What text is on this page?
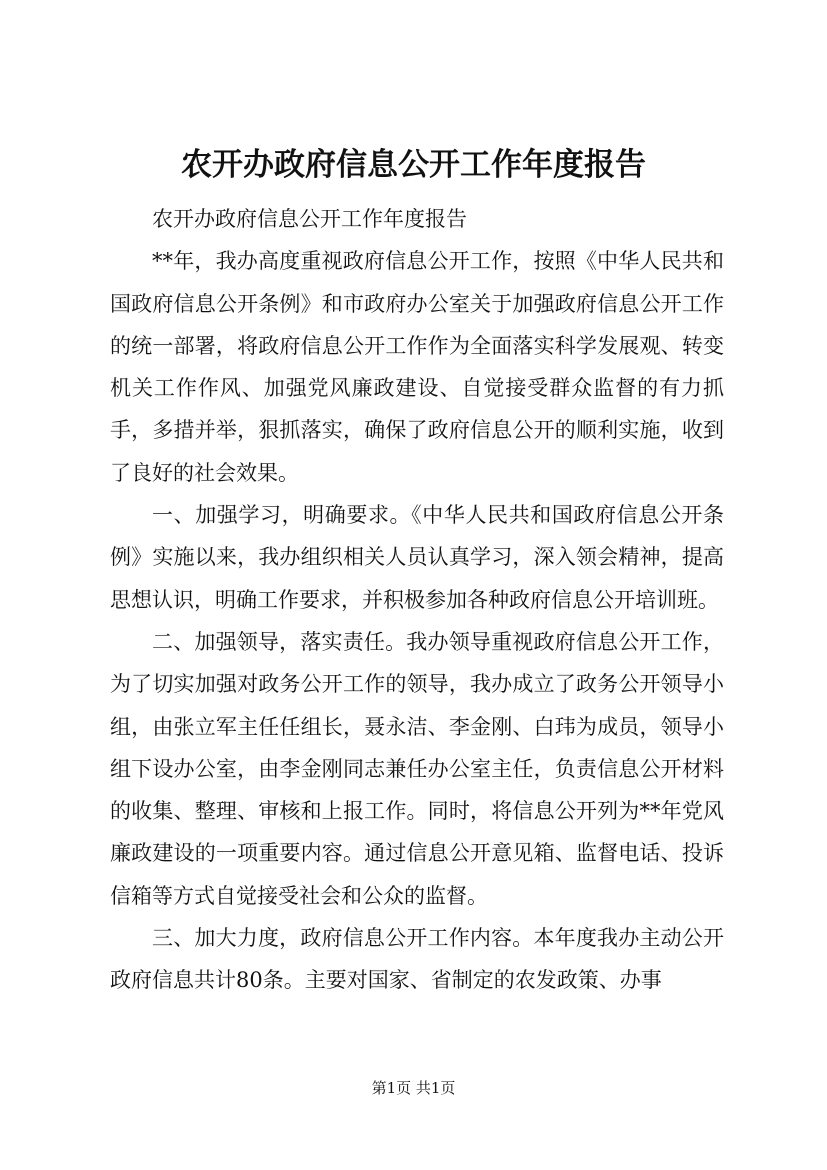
农开办政府信息公开工作年度报告

农开办政府信息公开工作年度报告

**年，我办高度重视政府信息公开工作，按照《中华人民共和国政府信息公开条例》和市政府办公室关于加强政府信息公开工作的统一部署，将政府信息公开工作作为全面落实科学发展观、转变机关工作作风、加强党风廉政建设、自觉接受群众监督的有力抓手，多措并举，狠抓落实，确保了政府信息公开的顺利实施，收到了良好的社会效果。

一、加强学习，明确要求。《中华人民共和国政府信息公开条例》实施以来，我办组织相关人员认真学习，深入领会精神，提高思想认识，明确工作要求，并积极参加各种政府信息公开培训班。

二、加强领导，落实责任。我办领导重视政府信息公开工作，为了切实加强对政务公开工作的领导，我办成立了政务公开领导小组，由张立军主任任组长，聂永洁、李金刚、白玮为成员，领导小组下设办公室，由李金刚同志兼任办公室主任，负责信息公开材料的收集、整理、审核和上报工作。同时，将信息公开列为**年党风廉政建设的一项重要内容。通过信息公开意见箱、监督电话、投诉信箱等方式自觉接受社会和公众的监督。

三、加大力度，政府信息公开工作内容。本年度我办主动公开政府信息共计80条。主要对国家、省制定的农发政策、办事

第1页 共1页
